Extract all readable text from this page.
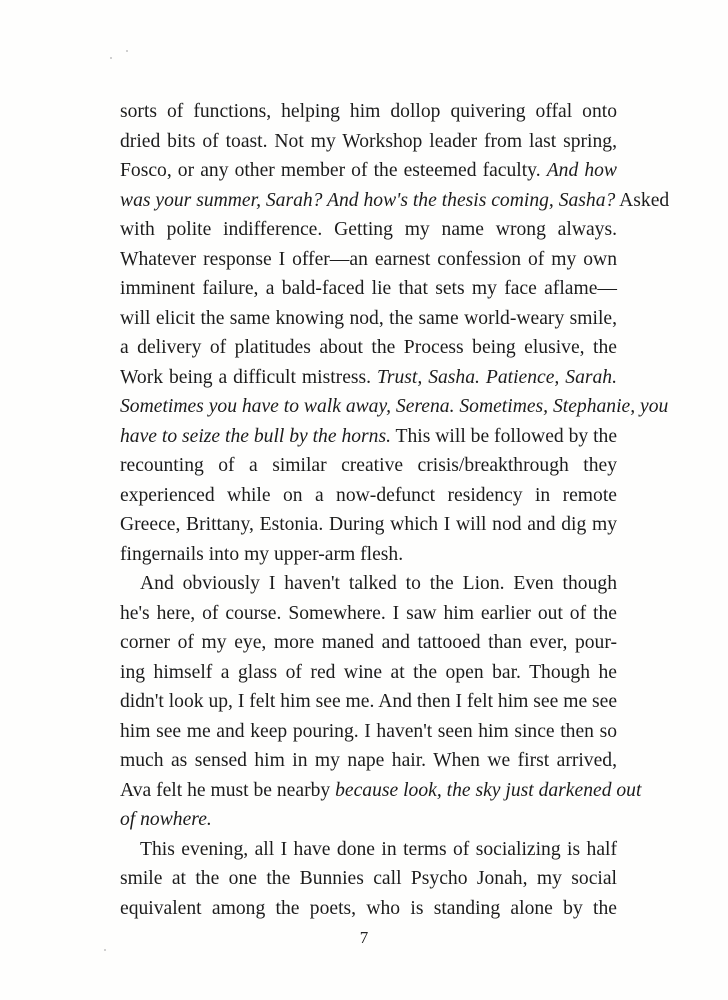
sorts of functions, helping him dollop quivering offal onto
dried bits of toast. Not my Workshop leader from last spring,
Fosco, or any other member of the esteemed faculty. And how
was your summer, Sarah? And how's the thesis coming, Sasha? Asked
with polite indifference. Getting my name wrong always.
Whatever response I offer—an earnest confession of my own
imminent failure, a bald-faced lie that sets my face aflame—
will elicit the same knowing nod, the same world-weary smile,
a delivery of platitudes about the Process being elusive, the
Work being a difficult mistress. Trust, Sasha. Patience, Sarah.
Sometimes you have to walk away, Serena. Sometimes, Stephanie, you
have to seize the bull by the horns. This will be followed by the
recounting of a similar creative crisis/breakthrough they
experienced while on a now-defunct residency in remote
Greece, Brittany, Estonia. During which I will nod and dig my
fingernails into my upper-arm flesh.
And obviously I haven't talked to the Lion. Even though
he's here, of course. Somewhere. I saw him earlier out of the
corner of my eye, more maned and tattooed than ever, pour-
ing himself a glass of red wine at the open bar. Though he
didn't look up, I felt him see me. And then I felt him see me see
him see me and keep pouring. I haven't seen him since then so
much as sensed him in my nape hair. When we first arrived,
Ava felt he must be nearby because look, the sky just darkened out
of nowhere.
This evening, all I have done in terms of socializing is half
smile at the one the Bunnies call Psycho Jonah, my social
equivalent among the poets, who is standing alone by the
7
